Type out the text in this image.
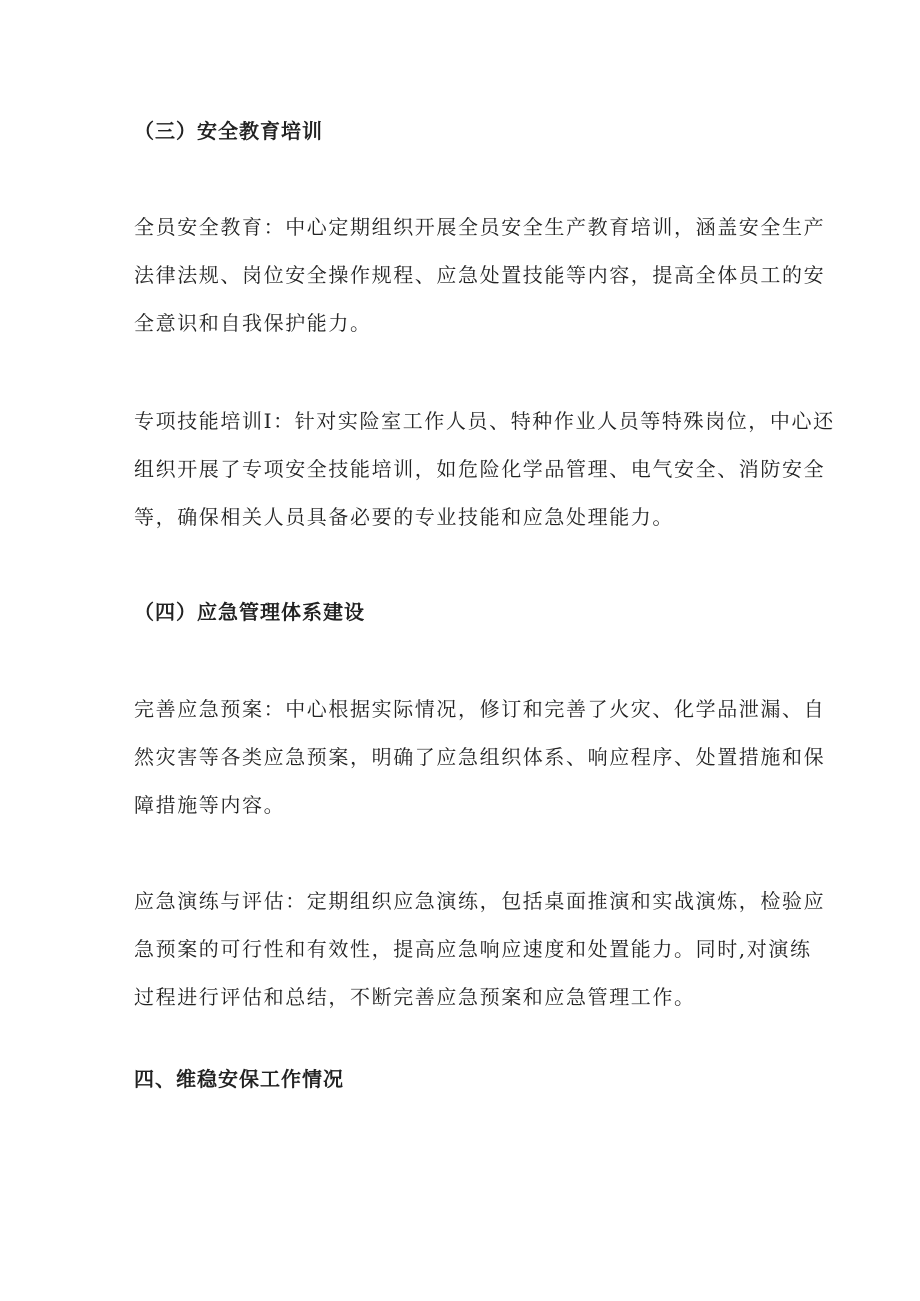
（三）安全教育培训

全员安全教育：中心定期组织开展全员安全生产教育培训，涵盖安全生产
法律法规、岗位安全操作规程、应急处置技能等内容，提高全体员工的安
全意识和自我保护能力。

专项技能培训I：针对实险室工作人员、特种作业人员等特殊岗位，中心还
组织开展了专项安全技能培训，如危险化学品管理、电气安全、消防安全
等，确保相关人员具备必要的专业技能和应急处理能力。

（四）应急管理体系建设

完善应急预案：中心根据实际情况，修订和完善了火灾、化学品泄漏、自
然灾害等各类应急预案，明确了应急组织体系、响应程序、处置措施和保
障措施等内容。

应急演练与评估：定期组织应急演练，包括桌面推演和实战演炼，检验应
急预案的可行性和有效性，提高应急响应速度和处置能力。同时,对演练
过程进行评估和总结，不断完善应急预案和应急管理工作。

四、维稳安保工作情况
